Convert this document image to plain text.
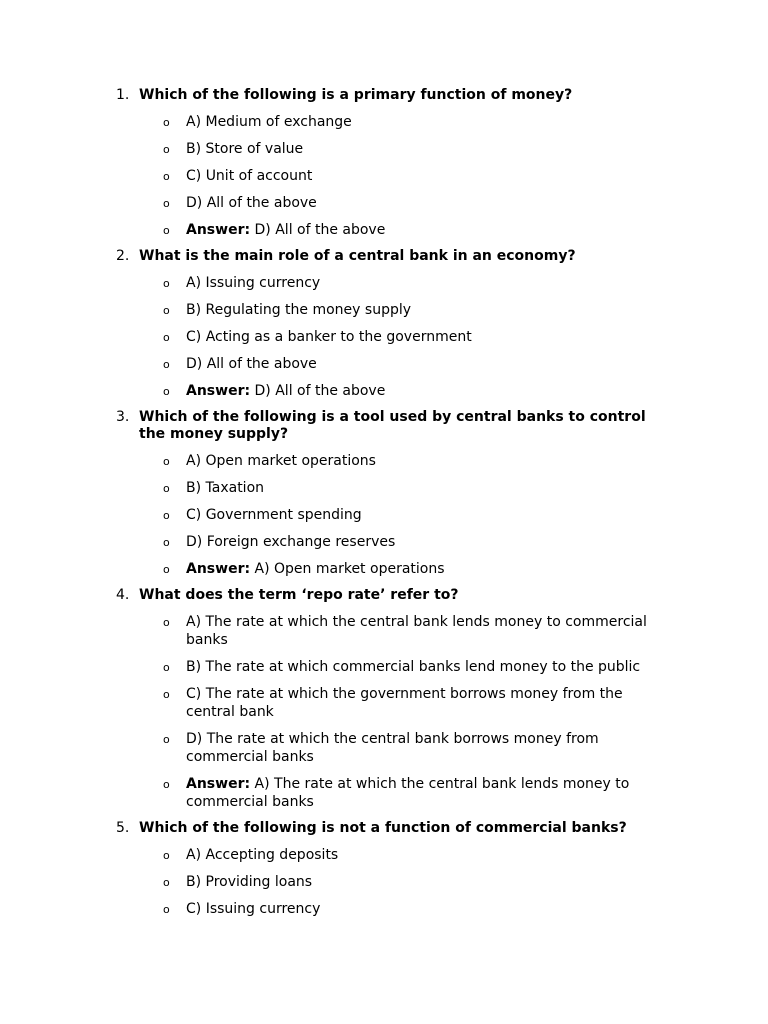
1. Which of the following is a primary function of money?
o A) Medium of exchange
o B) Store of value
o C) Unit of account
o D) All of the above
o Answer: D) All of the above
2. What is the main role of a central bank in an economy?
o A) Issuing currency
o B) Regulating the money supply
o C) Acting as a banker to the government
o D) All of the above
o Answer: D) All of the above
3. Which of the following is a tool used by central banks to control the money supply?
o A) Open market operations
o B) Taxation
o C) Government spending
o D) Foreign exchange reserves
o Answer: A) Open market operations
4. What does the term ‘repo rate’ refer to?
o A) The rate at which the central bank lends money to commercial banks
o B) The rate at which commercial banks lend money to the public
o C) The rate at which the government borrows money from the central bank
o D) The rate at which the central bank borrows money from commercial banks
o Answer: A) The rate at which the central bank lends money to commercial banks
5. Which of the following is not a function of commercial banks?
o A) Accepting deposits
o B) Providing loans
o C) Issuing currency
